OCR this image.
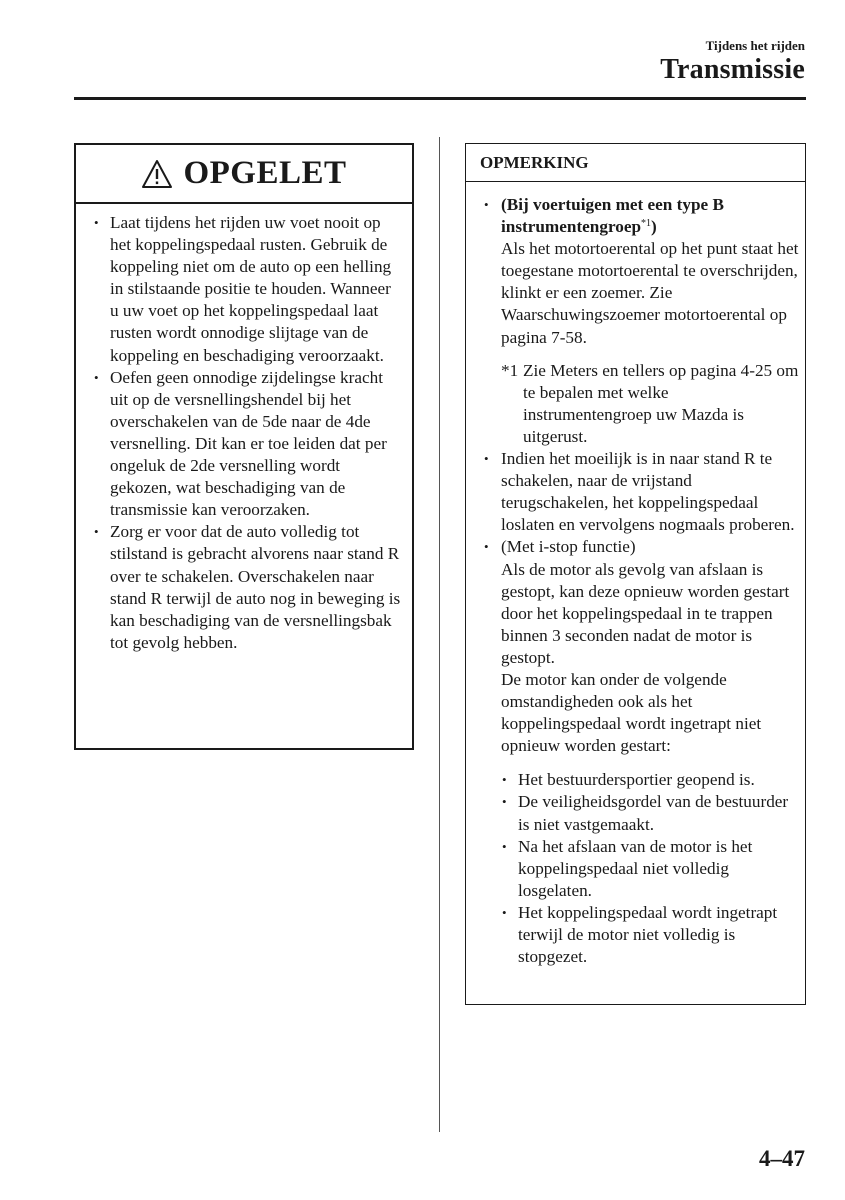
Tijdens het rijden
Transmissie
OPGELET
• Laat tijdens het rijden uw voet nooit op het koppelingspedaal rusten. Gebruik de koppeling niet om de auto op een helling in stilstaande positie te houden. Wanneer u uw voet op het koppelingspedaal laat rusten wordt onnodige slijtage van de koppeling en beschadiging veroorzaakt.
• Oefen geen onnodige zijdelingse kracht uit op de versnellingshendel bij het overschakelen van de 5de naar de 4de versnelling. Dit kan er toe leiden dat per ongeluk de 2de versnelling wordt gekozen, wat beschadiging van de transmissie kan veroorzaken.
• Zorg er voor dat de auto volledig tot stilstand is gebracht alvorens naar stand R over te schakelen. Overschakelen naar stand R terwijl de auto nog in beweging is kan beschadiging van de versnellingsbak tot gevolg hebben.
OPMERKING
• (Bij voertuigen met een type B instrumentengroep$^{*1}$)
Als het motortoerental op het punt staat het toegestane motortoerental te overschrijden, klinkt er een zoemer. Zie Waarschuwingszoemer motortoerental op pagina 7-58.
*1 Zie Meters en tellers op pagina 4-25 om te bepalen met welke instrumentengroep uw Mazda is uitgerust.
• Indien het moeilijk is in naar stand R te schakelen, naar de vrijstand terugschakelen, het koppelingspedaal loslaten en vervolgens nogmaals proberen.
• (Met i-stop functie)
Als de motor als gevolg van afslaan is gestopt, kan deze opnieuw worden gestart door het koppelingspedaal in te trappen binnen 3 seconden nadat de motor is gestopt.
De motor kan onder de volgende omstandigheden ook als het koppelingspedaal wordt ingetrapt niet opnieuw worden gestart:
• Het bestuurdersportier geopend is.
• De veiligheidsgordel van de bestuurder is niet vastgemaakt.
• Na het afslaan van de motor is het koppelingspedaal niet volledig losgelaten.
• Het koppelingspedaal wordt ingetrapt terwijl de motor niet volledig is stopgezet.
4–47
